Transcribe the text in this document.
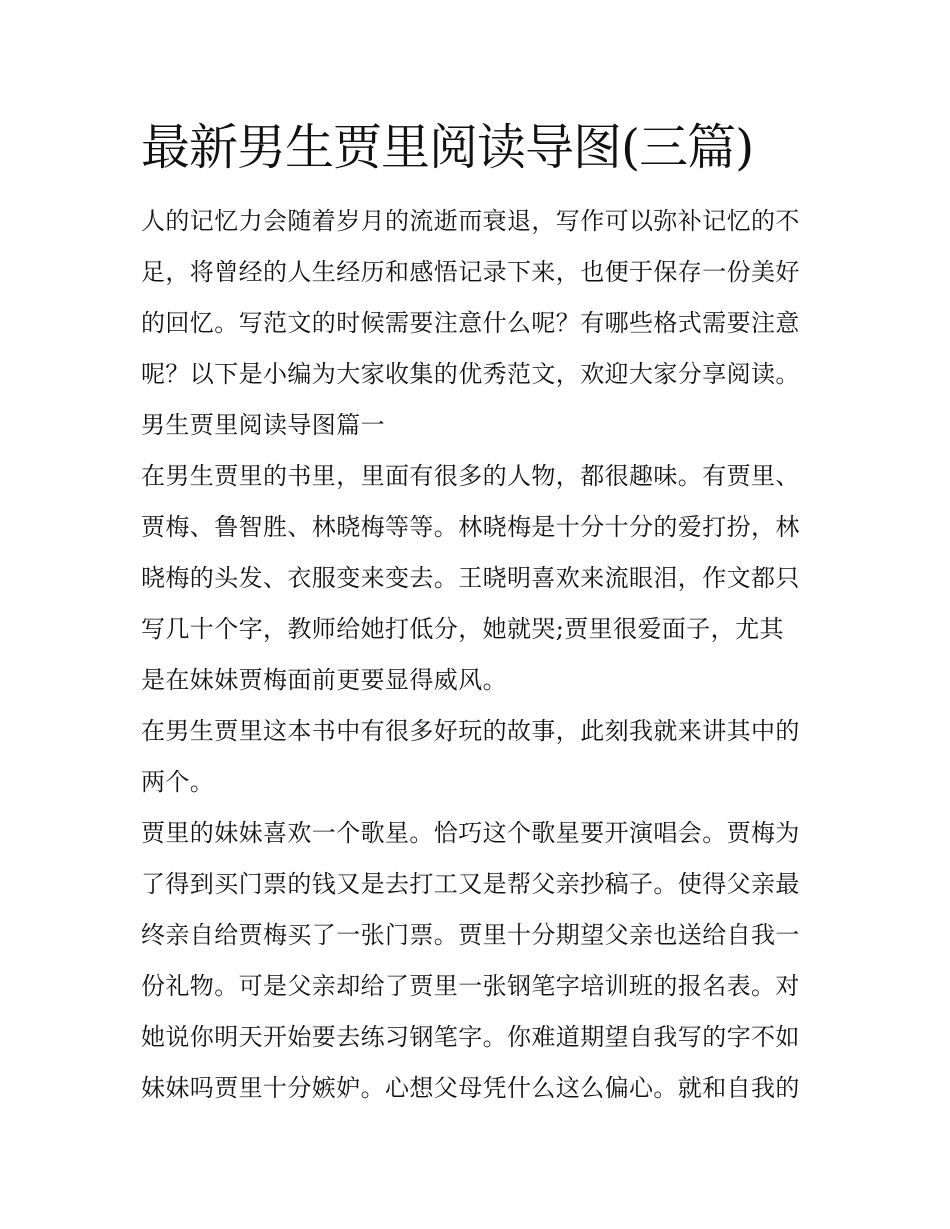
最新男生贾里阅读导图(三篇)
人的记忆力会随着岁月的流逝而衰退，写作可以弥补记忆的不
足，将曾经的人生经历和感悟记录下来，也便于保存一份美好
的回忆。写范文的时候需要注意什么呢？有哪些格式需要注意
呢？以下是小编为大家收集的优秀范文，欢迎大家分享阅读。
男生贾里阅读导图篇一
在男生贾里的书里，里面有很多的人物，都很趣味。有贾里、
贾梅、鲁智胜、林晓梅等等。林晓梅是十分十分的爱打扮，林
晓梅的头发、衣服变来变去。王晓明喜欢来流眼泪，作文都只
写几十个字，教师给她打低分，她就哭;贾里很爱面子，尤其
是在妹妹贾梅面前更要显得威风。
在男生贾里这本书中有很多好玩的故事，此刻我就来讲其中的
两个。
贾里的妹妹喜欢一个歌星。恰巧这个歌星要开演唱会。贾梅为
了得到买门票的钱又是去打工又是帮父亲抄稿子。使得父亲最
终亲自给贾梅买了一张门票。贾里十分期望父亲也送给自我一
份礼物。可是父亲却给了贾里一张钢笔字培训班的报名表。对
她说你明天开始要去练习钢笔字。你难道期望自我写的字不如
妹妹吗贾里十分嫉妒。心想父母凭什么这么偏心。就和自我的
